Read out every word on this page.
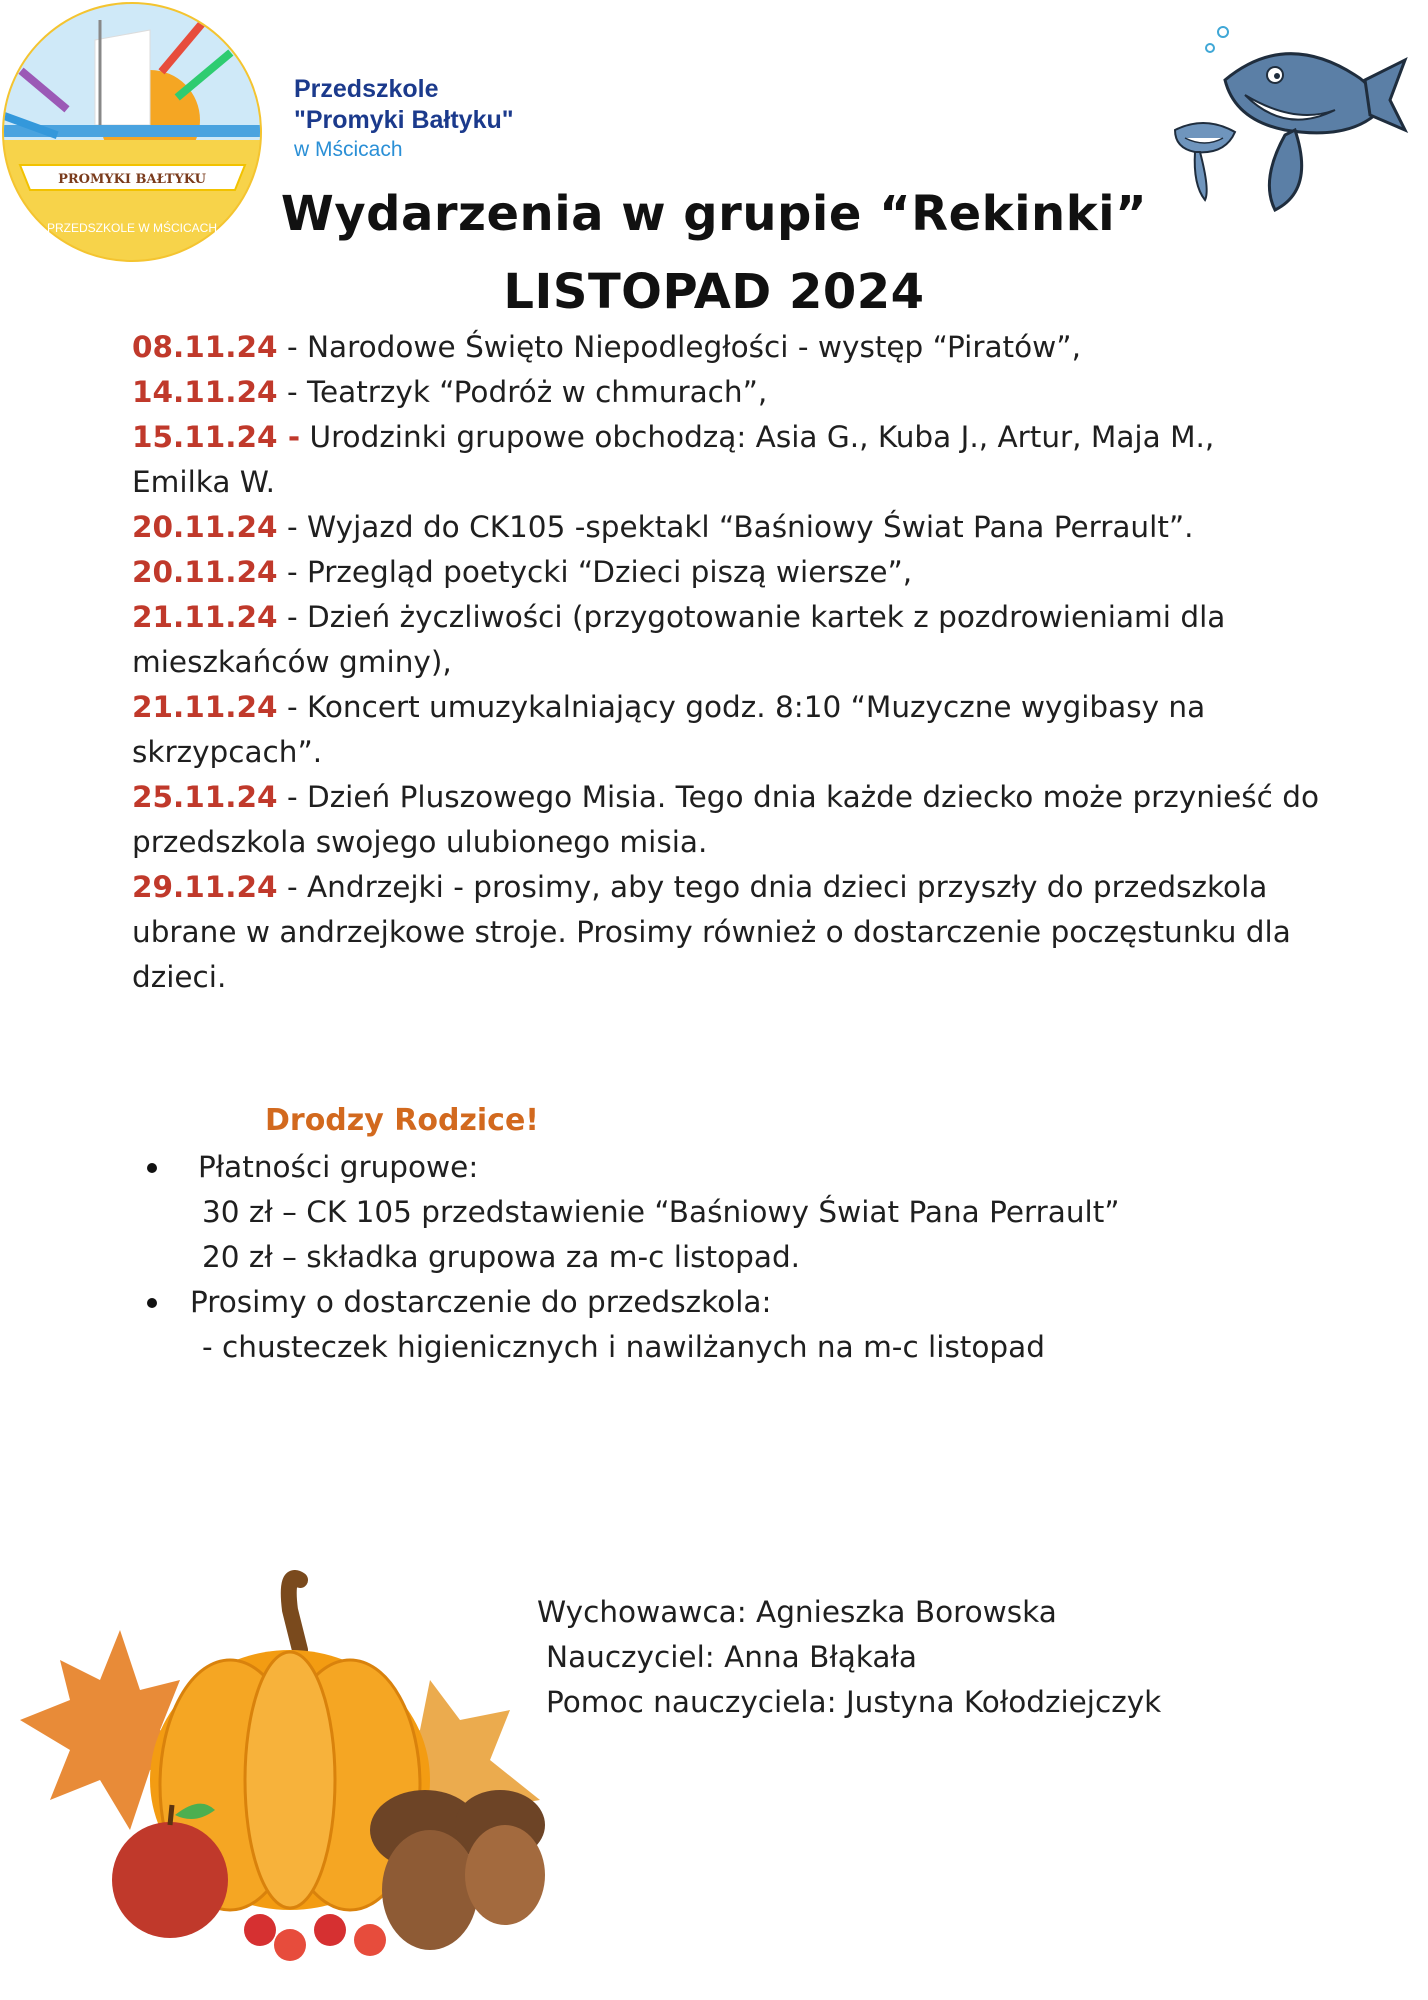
PROMYKI BAŁTYKU
PRZEDSZKOLE W MŚCICACH
Przedszkole
"Promyki Bałtyku"
w Mścicach
Wydarzenia w grupie “Rekinki”
LISTOPAD 2024

08.11.24 - Narodowe Święto Niepodległości - występ “Piratów”,

14.11.24 - Teatrzyk “Podróż w chmurach”,

15.11.24 - Urodzinki grupowe obchodzą: Asia G., Kuba J., Artur, Maja M., Emilka W.

20.11.24 - Wyjazd do CK105 -spektakl “Baśniowy Świat Pana Perrault”.

20.11.24 - Przegląd poetycki “Dzieci piszą wiersze”,

21.11.24 - Dzień życzliwości (przygotowanie kartek z pozdrowieniami dla mieszkańców gminy),

21.11.24 - Koncert umuzykalniający godz. 8:10 “Muzyczne wygibasy na skrzypcach”.

25.11.24 - Dzień Pluszowego Misia. Tego dnia każde dziecko może przynieść do przedszkola swojego ulubionego misia.

29.11.24 - Andrzejki - prosimy, aby tego dnia dzieci przyszły do przedszkola ubrane w andrzejkowe stroje. Prosimy również o dostarczenie poczęstunku dla dzieci.

Drodzy Rodzice!
Płatności grupowe:
30 zł – CK 105 przedstawienie “Baśniowy Świat Pana Perrault”
20 zł – składka grupowa za m-c listopad.
Prosimy o dostarczenie do przedszkola:
- chusteczek higienicznych i nawilżanych na m-c listopad
Wychowawca: Agnieszka Borowska
Nauczyciel: Anna Błąkała
Pomoc nauczyciela: Justyna Kołodziejczyk
